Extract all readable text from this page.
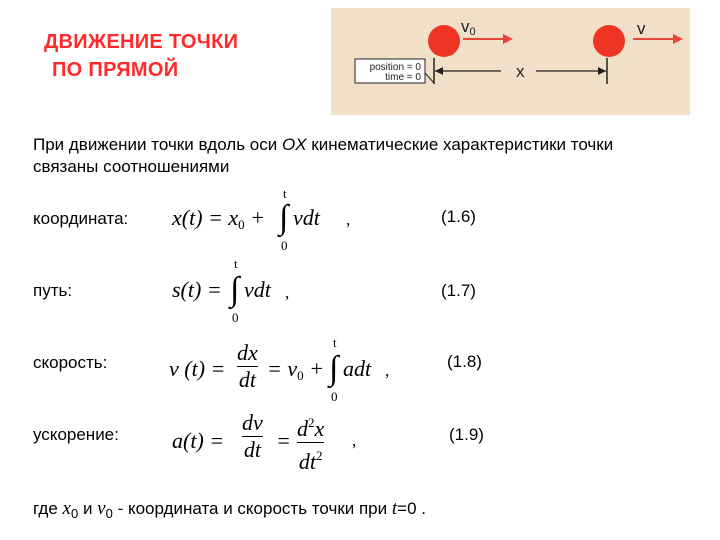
ДВИЖЕНИЕ ТОЧКИ
ПО ПРЯМОЙ
v0	v
x
position = 0
time = 0
При движении точки вдоль оси OX кинематические характеристики точки связаны соотношениями
координата: $x(t) = x_0$ + ∫
t
0
vdt ,	(1.6)
путь:	s(t) = ∫
t
0
vdt ,	(1.7)
скорость:	v (t) =
dx
dt = $v_0$ + ∫
t
0
adt ,	(1.8)
ускорение: a(t) =
dv
dt = $d^2x$
$dt^2$
,	(1.9)
где $x_0$ и $v_0$ - координата и скорость точки при t=0 .
